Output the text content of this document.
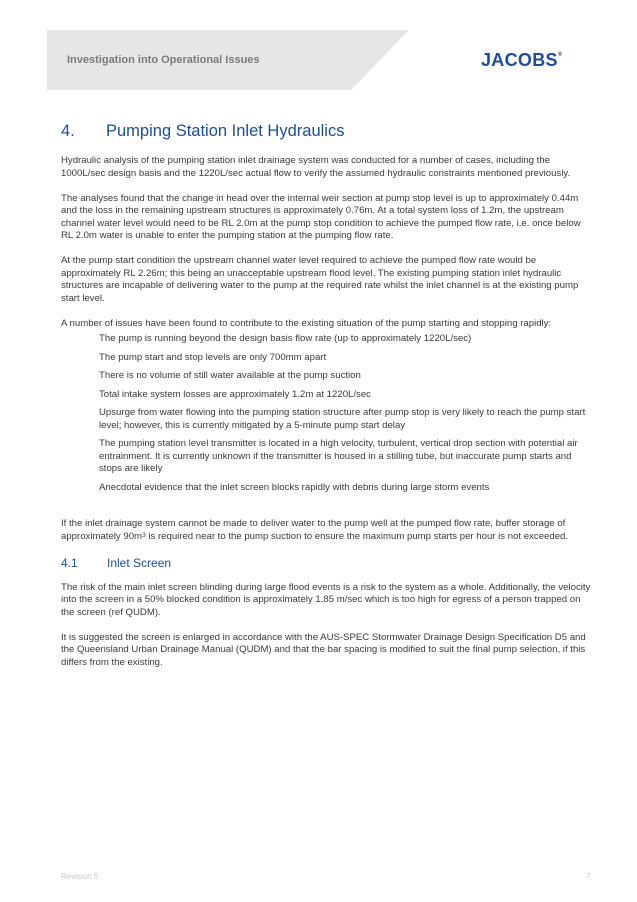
Investigation into Operational Issues	JACOBS®
4.	Pumping Station Inlet Hydraulics

Hydraulic analysis of the pumping station inlet drainage system was conducted for a number of cases, including the 1000L/sec design basis and the 1220L/sec actual flow to verify the assumed hydraulic constraints mentioned previously.

The analyses found that the change in head over the internal weir section at pump stop level is up to approximately 0.44m and the loss in the remaining upstream structures is approximately 0.76m. At a total system loss of 1.2m, the upstream channel water level would need to be RL 2.0m at the pump stop condition to achieve the pumped flow rate, i.e. once below RL 2.0m water is unable to enter the pumping station at the pumping flow rate.

At the pump start condition the upstream channel water level required to achieve the pumped flow rate would be approximately RL 2.26m; this being an unacceptable upstream flood level. The existing pumping station inlet hydraulic structures are incapable of delivering water to the pump at the required rate whilst the inlet channel is at the existing pump start level.

A number of issues have been found to contribute to the existing situation of the pump starting and stopping rapidly:

The pump is running beyond the design basis flow rate (up to approximately 1220L/sec)
The pump start and stop levels are only 700mm apart
There is no volume of still water available at the pump suction
Total intake system losses are approximately 1.2m at 1220L/sec
Upsurge from water flowing into the pumping station structure after pump stop is very likely to reach the pump start level; however, this is currently mitigated by a 5-minute pump start delay
The pumping station level transmitter is located in a high velocity, turbulent, vertical drop section with potential air entrainment. It is currently unknown if the transmitter is housed in a stilling tube, but inaccurate pump starts and stops are likely
Anecdotal evidence that the inlet screen blocks rapidly with debris during large storm events

If the inlet drainage system cannot be made to deliver water to the pump well at the pumped flow rate, buffer storage of approximately $90m^3$ is required near to the pump suction to ensure the maximum pump starts per hour is not exceeded.

4.1	Inlet Screen

The risk of the main inlet screen blinding during large flood events is a risk to the system as a whole. Additionally, the velocity into the screen in a 50% blocked condition is approximately 1.85 m/sec which is too high for egress of a person trapped on the screen (ref QUDM).

It is suggested the screen is enlarged in accordance with the AUS-SPEC Stormwater Drainage Design Specification D5 and the Queensland Urban Drainage Manual (QUDM) and that the bar spacing is modified to suit the final pump selection, if this differs from the existing.

Revision 5	7
